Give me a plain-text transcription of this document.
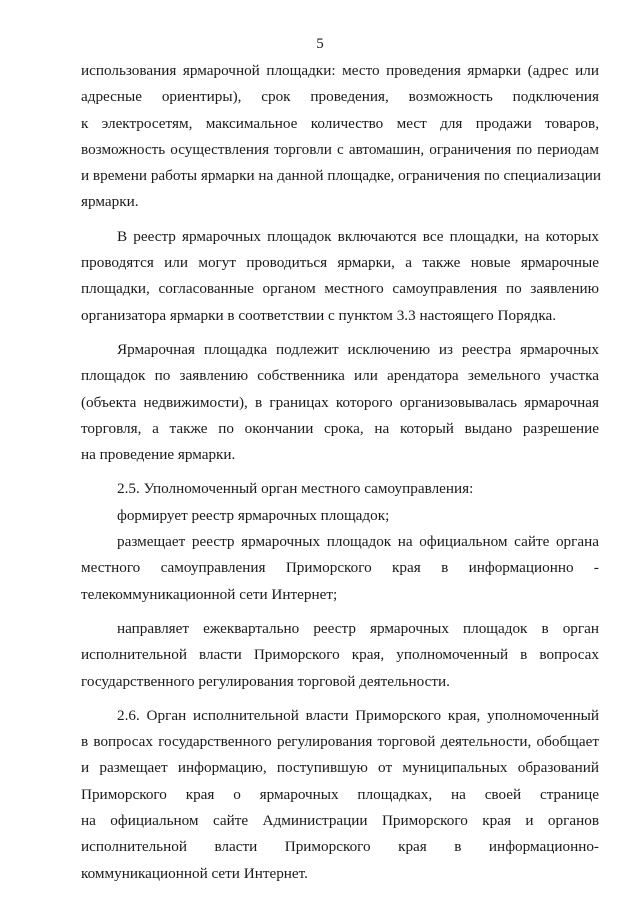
5
использования ярмарочной площадки: место проведения ярмарки (адрес или
адресные ориентиры), срок проведения, возможность подключения
к электросетям, максимальное количество мест для продажи товаров,
возможность осуществления торговли с автомашин, ограничения по периодам
и времени работы ярмарки на данной площадке, ограничения по специализации
ярмарки.
В реестр ярмарочных площадок включаются все площадки, на которых
проводятся или могут проводиться ярмарки, а также новые ярмарочные
площадки, согласованные органом местного самоуправления по заявлению
организатора ярмарки в соответствии с пунктом 3.3 настоящего Порядка.
Ярмарочная площадка подлежит исключению из реестра ярмарочных
площадок по заявлению собственника или арендатора земельного участка
(объекта недвижимости), в границах которого организовывалась ярмарочная
торговля, а также по окончании срока, на который выдано разрешение
на проведение ярмарки.
2.5. Уполномоченный орган местного самоуправления:
формирует реестр ярмарочных площадок;
размещает реестр ярмарочных площадок на официальном сайте органа
местного самоуправления Приморского края в информационно -
телекоммуникационной сети Интернет;
направляет ежеквартально реестр ярмарочных площадок в орган
исполнительной власти Приморского края, уполномоченный в вопросах
государственного регулирования торговой деятельности.
2.6. Орган исполнительной власти Приморского края, уполномоченный
в вопросах государственного регулирования торговой деятельности, обобщает
и размещает информацию, поступившую от муниципальных образований
Приморского края о ярмарочных площадках, на своей странице
на официальном сайте Администрации Приморского края и органов
исполнительной власти Приморского края в информационно-
коммуникационной сети Интернет.
